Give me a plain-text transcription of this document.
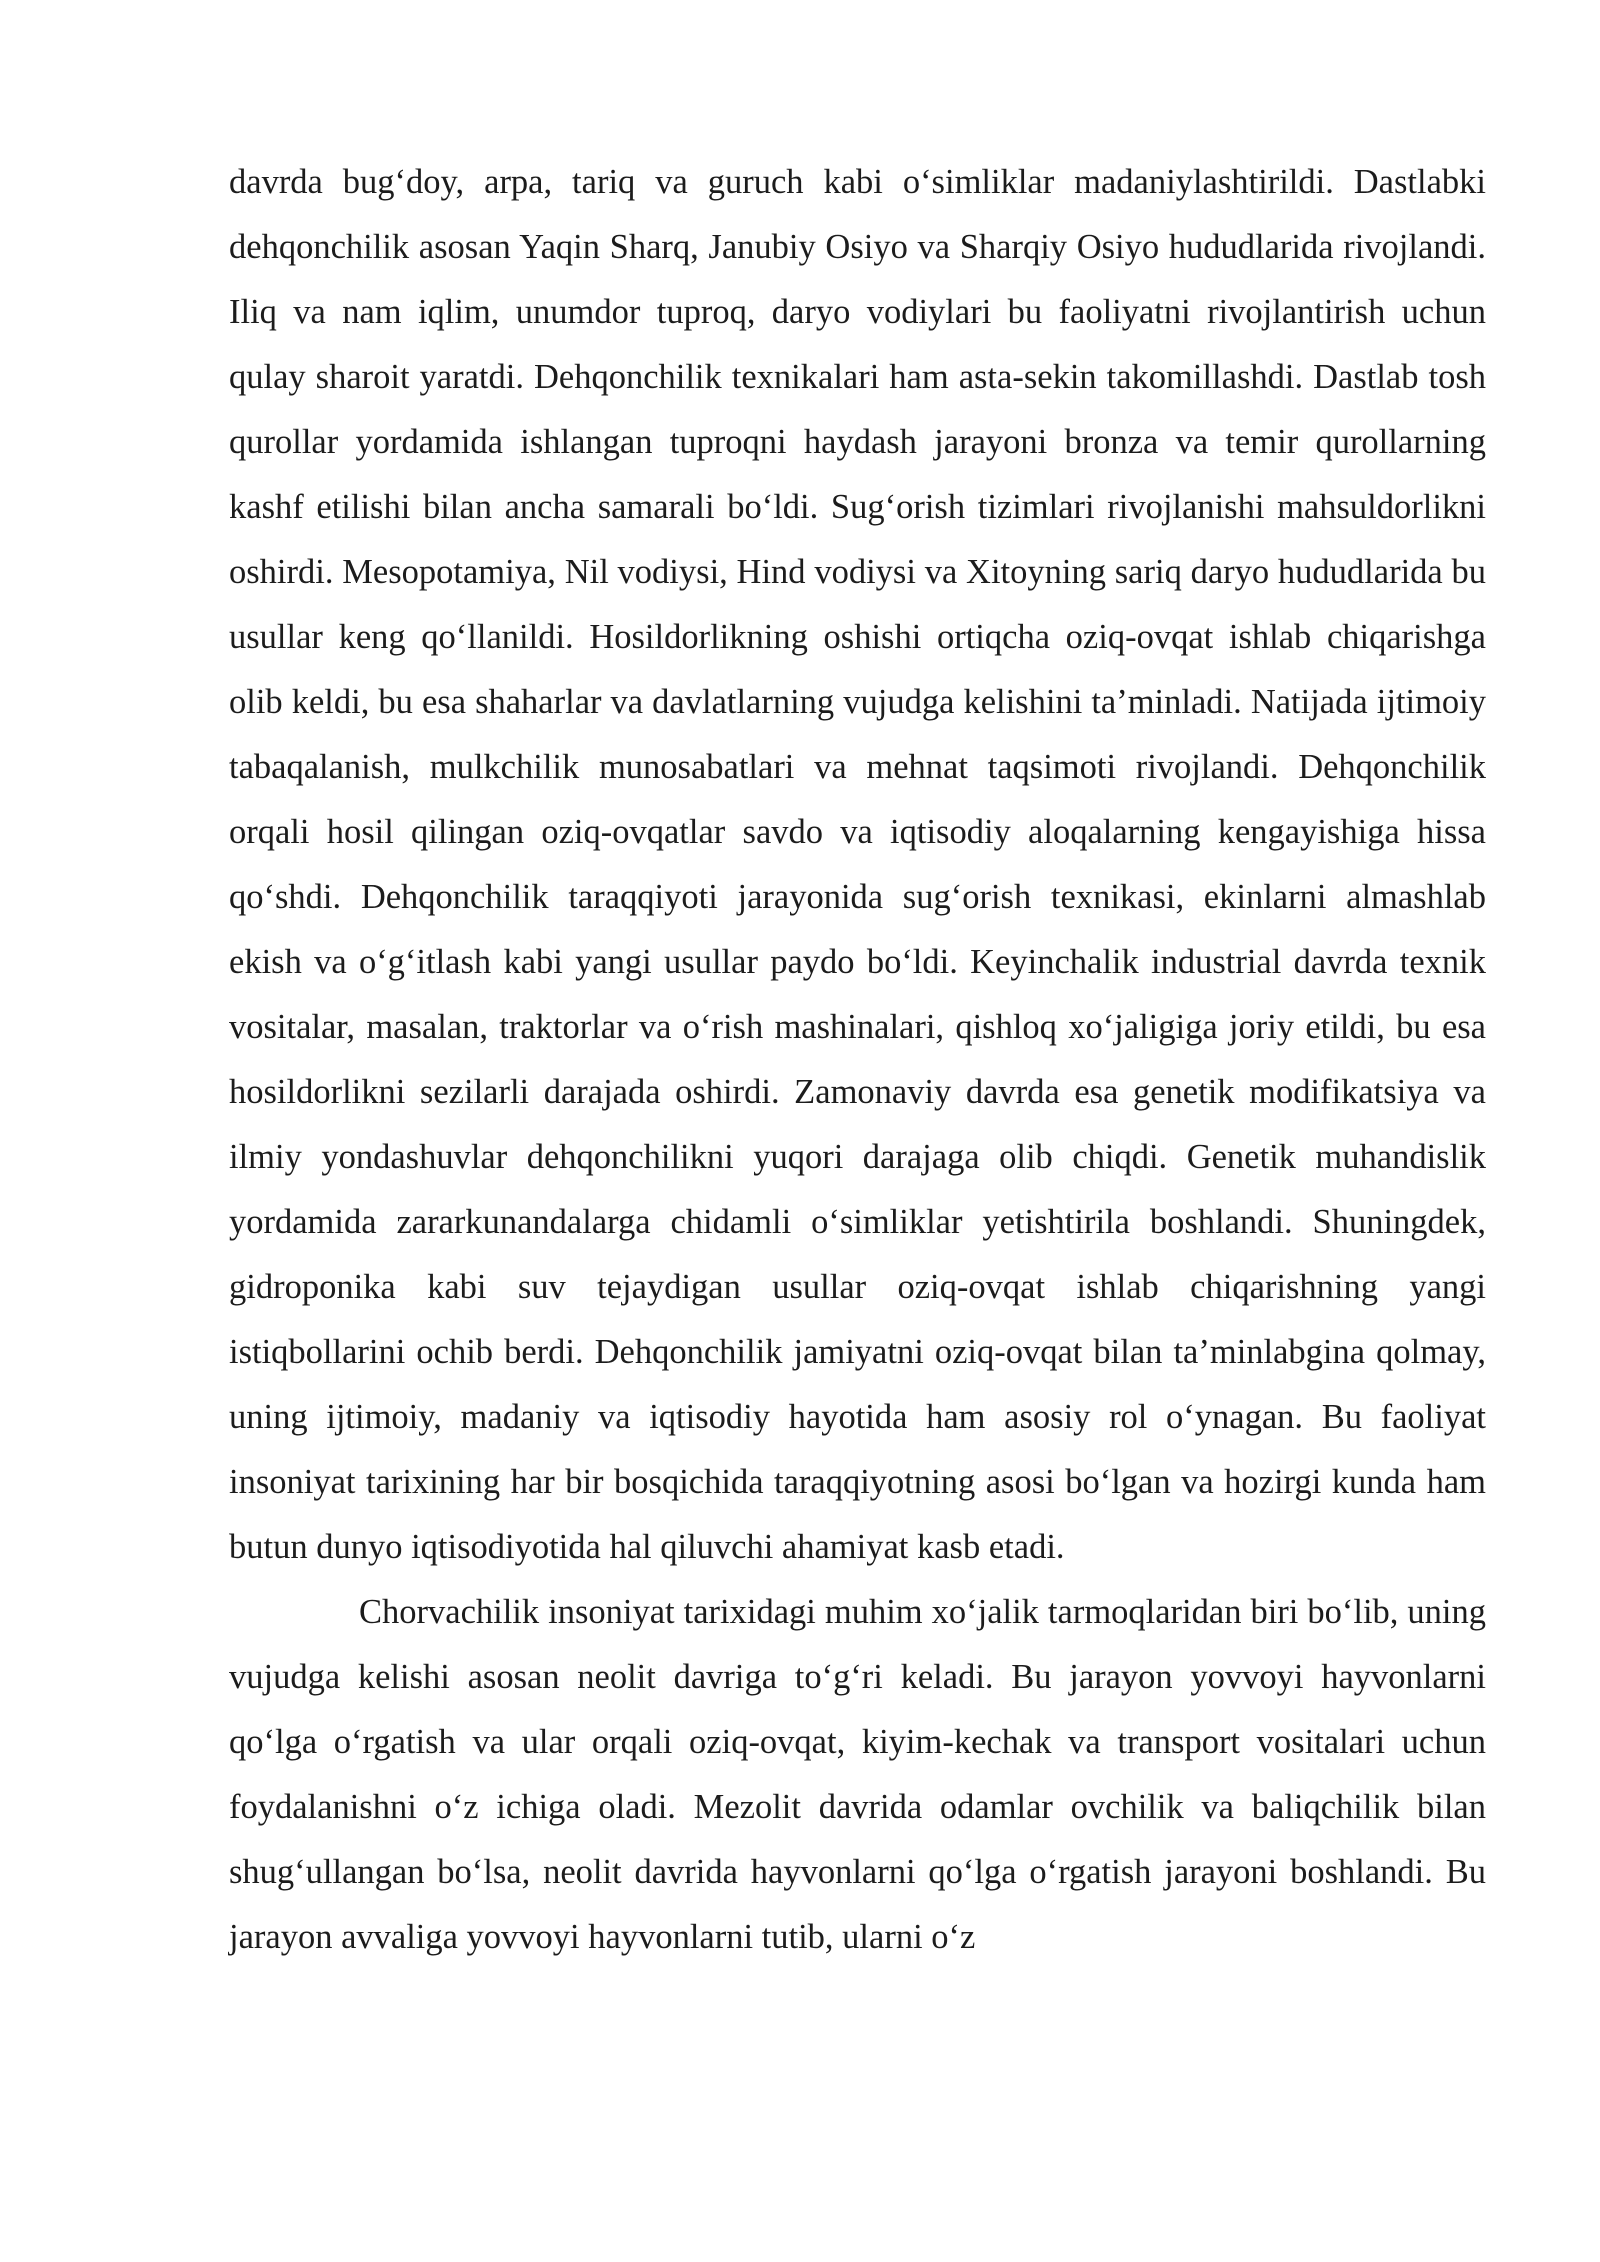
davrda bug‘doy, arpa, tariq va guruch kabi o‘simliklar madaniylashtirildi. Dastlabki dehqonchilik asosan Yaqin Sharq, Janubiy Osiyo va Sharqiy Osiyo hududlarida rivojlandi. Iliq va nam iqlim, unumdor tuproq, daryo vodiylari bu faoliyatni rivojlantirish uchun qulay sharoit yaratdi. Dehqonchilik texnikalari ham asta-sekin takomillashdi. Dastlab tosh qurollar yordamida ishlangan tuproqni haydash jarayoni bronza va temir qurollarning kashf etilishi bilan ancha samarali bo‘ldi. Sug‘orish tizimlari rivojlanishi mahsuldorlikni oshirdi. Mesopotamiya, Nil vodiysi, Hind vodiysi va Xitoyning sariq daryo hududlarida bu usullar keng qo‘llanildi. Hosildorlikning oshishi ortiqcha oziq-ovqat ishlab chiqarishga olib keldi, bu esa shaharlar va davlatlarning vujudga kelishini ta’minladi. Natijada ijtimoiy tabaqalanish, mulkchilik munosabatlari va mehnat taqsimoti rivojlandi. Dehqonchilik orqali hosil qilingan oziq-ovqatlar savdo va iqtisodiy aloqalarning kengayishiga hissa qo‘shdi. Dehqonchilik taraqqiyoti jarayonida sug‘orish texnikasi, ekinlarni almashlab ekish va o‘g‘itlash kabi yangi usullar paydo bo‘ldi. Keyinchalik industrial davrda texnik vositalar, masalan, traktorlar va o‘rish mashinalari, qishloq xo‘jaligiga joriy etildi, bu esa hosildorlikni sezilarli darajada oshirdi. Zamonaviy davrda esa genetik modifikatsiya va ilmiy yondashuvlar dehqonchilikni yuqori darajaga olib chiqdi. Genetik muhandislik yordamida zararkunandalarga chidamli o‘simliklar yetishtirila boshlandi. Shuningdek, gidroponika kabi suv tejaydigan usullar oziq-ovqat ishlab chiqarishning yangi istiqbollarini ochib berdi. Dehqonchilik jamiyatni oziq-ovqat bilan ta’minlabgina qolmay, uning ijtimoiy, madaniy va iqtisodiy hayotida ham asosiy rol o‘ynagan. Bu faoliyat insoniyat tarixining har bir bosqichida taraqqiyotning asosi bo‘lgan va hozirgi kunda ham butun dunyo iqtisodiyotida hal qiluvchi ahamiyat kasb etadi.

Chorvachilik insoniyat tarixidagi muhim xo‘jalik tarmoqlaridan biri bo‘lib, uning vujudga kelishi asosan neolit davriga to‘g‘ri keladi. Bu jarayon yovvoyi hayvonlarni qo‘lga o‘rgatish va ular orqali oziq-ovqat, kiyim-kechak va transport vositalari uchun foydalanishni o‘z ichiga oladi. Mezolit davrida odamlar ovchilik va baliqchilik bilan shug‘ullangan bo‘lsa, neolit davrida hayvonlarni qo‘lga o‘rgatish jarayoni boshlandi. Bu jarayon avvaliga yovvoyi hayvonlarni tutib, ularni o‘z
